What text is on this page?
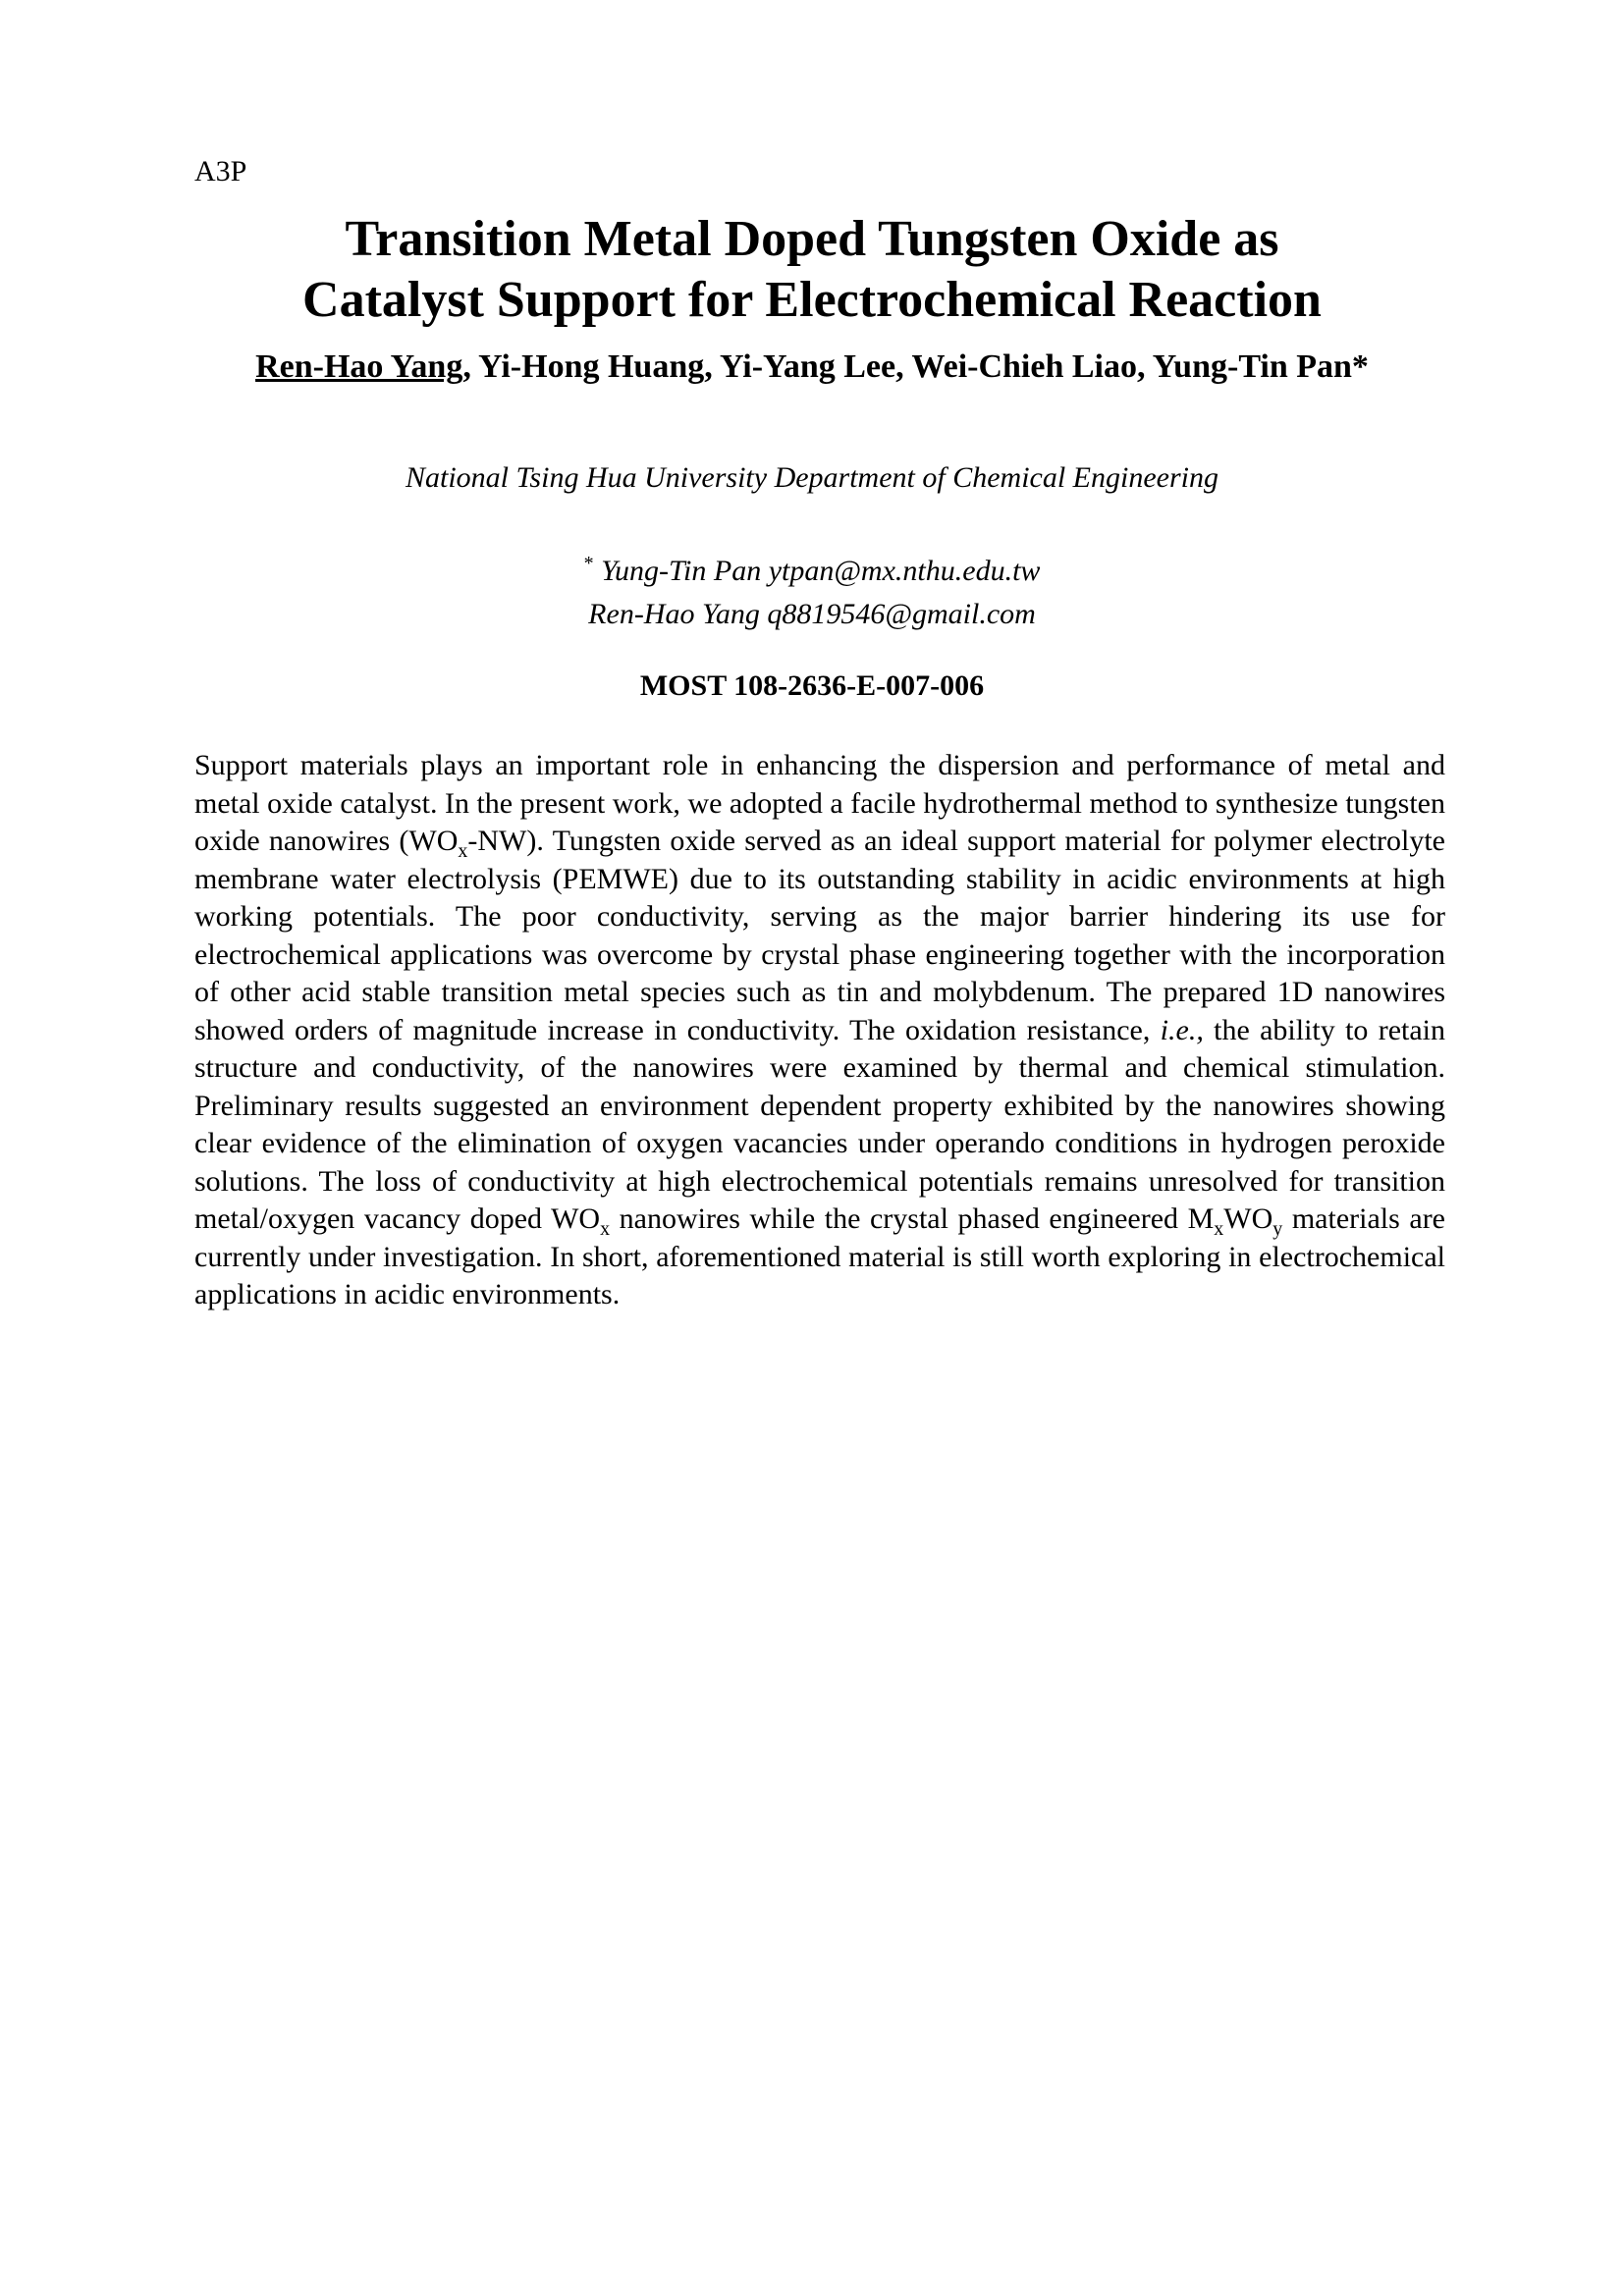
A3P
Transition Metal Doped Tungsten Oxide as
Catalyst Support for Electrochemical Reaction
Ren-Hao Yang, Yi-Hong Huang, Yi-Yang Lee, Wei-Chieh Liao, Yung-Tin Pan*
National Tsing Hua University Department of Chemical Engineering
* Yung-Tin Pan ytpan@mx.nthu.edu.tw
Ren-Hao Yang q8819546@gmail.com
MOST 108-2636-E-007-006
Support materials plays an important role in enhancing the dispersion and performance of metal and metal oxide catalyst. In the present work, we adopted a facile hydrothermal method to synthesize tungsten oxide nanowires $(WO_x-NW)$. Tungsten oxide served as an ideal support material for polymer electrolyte membrane water electrolysis (PEMWE) due to its outstanding stability in acidic environments at high working potentials. The poor conductivity, serving as the major barrier hindering its use for electrochemical applications was overcome by crystal phase engineering together with the incorporation of other acid stable transition metal species such as tin and molybdenum. The prepared 1D nanowires showed orders of magnitude increase in conductivity. The oxidation resistance, i.e., the ability to retain structure and conductivity, of the nanowires were examined by thermal and chemical stimulation. Preliminary results suggested an environment dependent property exhibited by the nanowires showing clear evidence of the elimination of oxygen vacancies under operando conditions in hydrogen peroxide solutions. The loss of conductivity at high electrochemical potentials remains unresolved for transition metal/oxygen vacancy doped $WO_x$ nanowires while the crystal phased engineered $M_xWO_y$ materials are currently under investigation. In short, aforementioned material is still worth exploring in electrochemical applications in acidic environments.
